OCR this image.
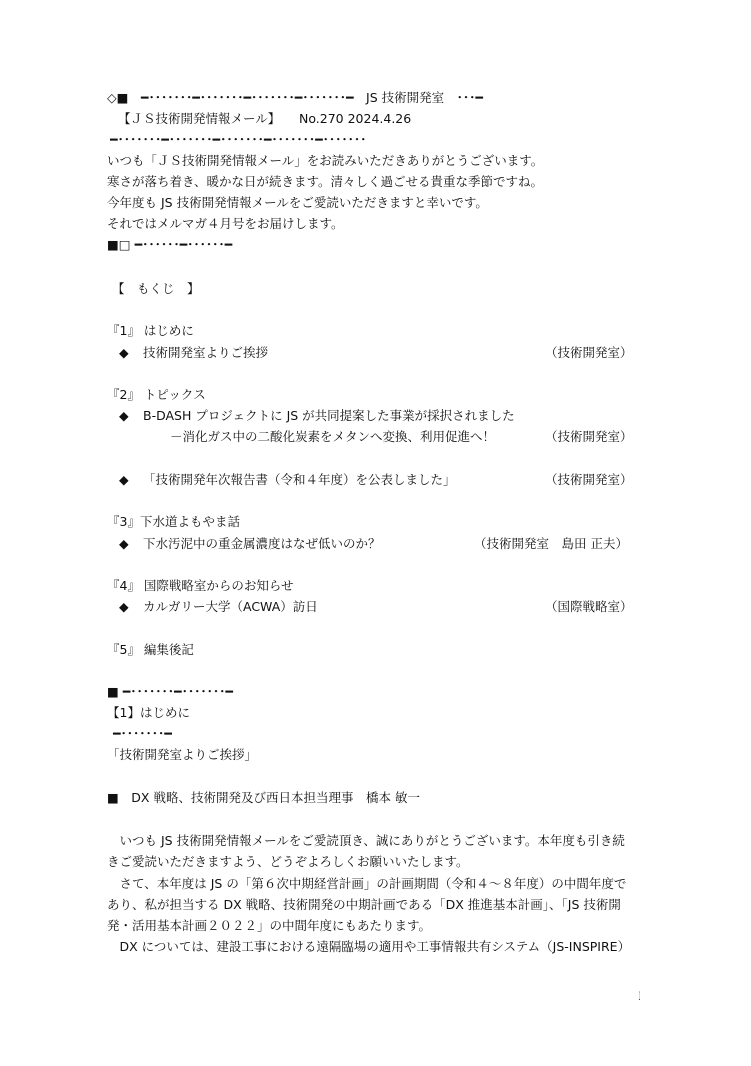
◇■　━･･･････━･･･････━･･･････━･･･････━　JS 技術開発室　･･･━
【ＪＳ技術開発情報メール】　　No.270 2024.4.26
━･･･････━･･･････━･･･････━･･･････━･･･････
いつも「ＪＳ技術開発情報メール」をお読みいただきありがとうございます。
寒さが落ち着き、暖かな日が続きます。清々しく過ごせる貴重な季節ですね。
今年度も JS 技術開発情報メールをご愛読いただきますと幸いです。
それではメルマガ４月号をお届けします。
■□ ━･･････━･･････━
【　もくじ　】
『1』 はじめに
◆ 技術開発室よりご挨拶	（技術開発室）
『2』 トピックス
◆ B-DASH プロジェクトに JS が共同提案した事業が採択されました
－消化ガス中の二酸化炭素をメタンへ変換、利用促進へ！	（技術開発室）
◆ 「技術開発年次報告書（令和４年度）を公表しました」	（技術開発室）
『3』下水道よもやま話
◆ 下水汚泥中の重金属濃度はなぜ低いのか？	（技術開発室　島田 正夫）
『4』 国際戦略室からのお知らせ
◆ カルガリー大学（ACWA）訪日	（国際戦略室）
『5』 編集後記
■ ━･･･････━･･･････━
【1】はじめに
━･･･････━
「技術開発室よりご挨拶」
■　DX 戦略、技術開発及び西日本担当理事　橋本 敏一
　いつも JS 技術開発情報メールをご愛読頂き、誠にありがとうございます。本年度も引き続
きご愛読いただきますよう、どうぞよろしくお願いいたします。
　さて、本年度は JS の「第６次中期経営計画」の計画期間（令和４～８年度）の中間年度で
あり、私が担当する DX 戦略、技術開発の中期計画である「DX 推進基本計画」、「JS 技術開
発・活用基本計画２０２２」の中間年度にもあたります。
　DX については、建設工事における遠隔臨場の適用や工事情報共有システム（JS-INSPIRE）
1
